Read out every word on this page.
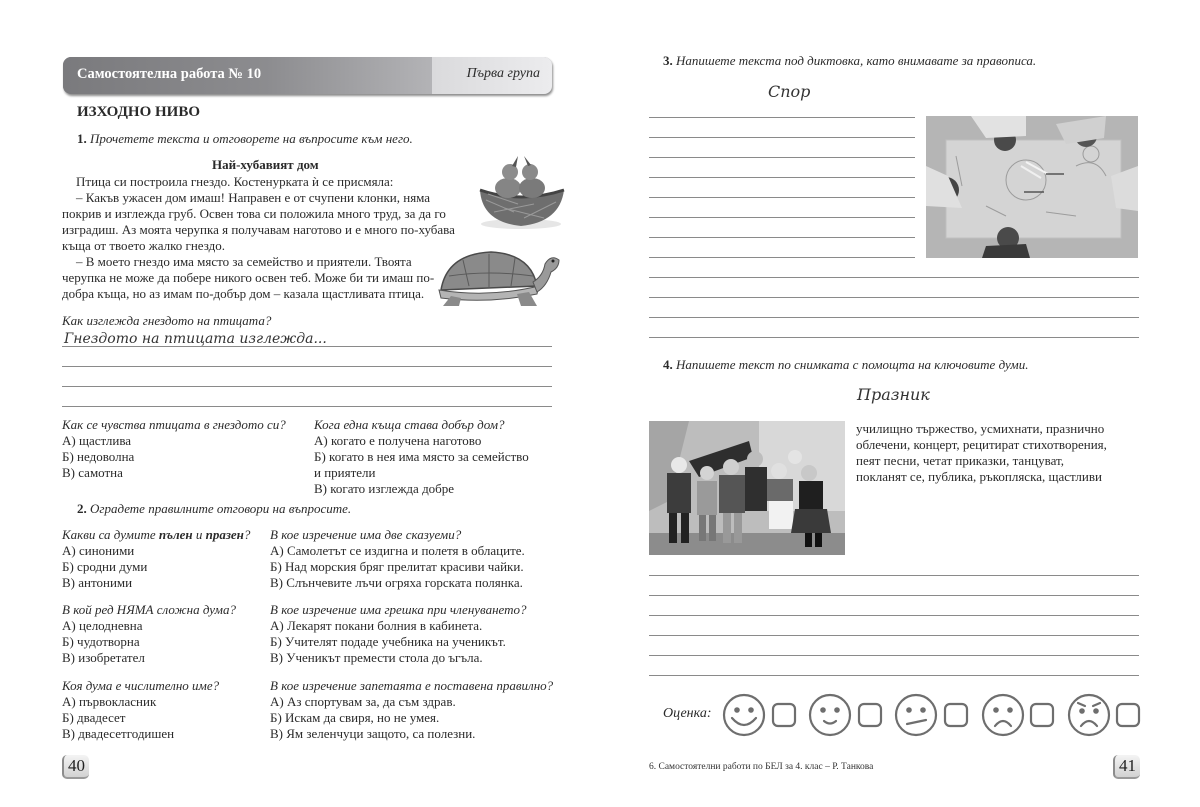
Самостоятелна работа № 10	Първа група
ИЗХОДНО НИВО
1. Прочетете текста и отговорете на въпросите към него.
Най-хубавият дом
Птица си построила гнездо. Костенурката ѝ се присмяла:
– Какъв ужасен дом имаш! Направен е от счупени клонки, няма
покрив и изглежда груб. Освен това си положила много труд, за да го
изградиш. Аз моята черупка я получавам наготово и е много по-хубава
къща от твоето жалко гнездо.
– В моето гнездо има място за семейство и приятели. Твоята
черупка не може да побере никого освен теб. Може би ти имаш по-
добра къща, но аз имам по-добър дом – казала щастливата птица.
Как изглежда гнездото на птицата?
Гнездото на птицата изглежда...
Как се чувства птицата в гнездото си?
А) щастлива
Б) недоволна
В) самотна
Кога една къща става добър дом?
А) когато е получена наготово
Б) когато в нея има място за семейство
и приятели
В) когато изглежда добре
2. Оградете правилните отговори на въпросите.
Какви са думите пълен и празен?
А) синоними
Б) сродни думи
В) антоними
В кое изречение има две сказуеми?
А) Самолетът се издигна и полетя в облаците.
Б) Над морския бряг прелитат красиви чайки.
В) Слънчевите лъчи огряха горската полянка.
В кой ред НЯМА сложна дума?
А) целодневна
Б) чудотворна
В) изобретател
В кое изречение има грешка при членуването?
А) Лекарят покани болния в кабинета.
Б) Учителят подаде учебника на ученикът.
В) Ученикът премести стола до ъгъла.
Коя дума е числително име?
А) първокласник
Б) двадесет
В) двадесетгодишен
В кое изречение запетаята е поставена правилно?
А) Аз спортувам за, да съм здрав.
Б) Искам да свиря, но не умея.
В) Ям зеленчуци защото, са полезни.
40
3. Напишете текста под диктовка, като внимавате за правописа.
Спор
4. Напишете текст по снимката с помощта на ключовите думи.
Празник
училищно тържество, усмихнати, празнично
облечени, концерт, рецитират стихотворения,
пеят песни, четат приказки, танцуват,
покланят се, публика, ръкопляска, щастливи
Оценка:
6. Самостоятелни работи по БЕЛ за 4. клас – Р. Танкова	41
